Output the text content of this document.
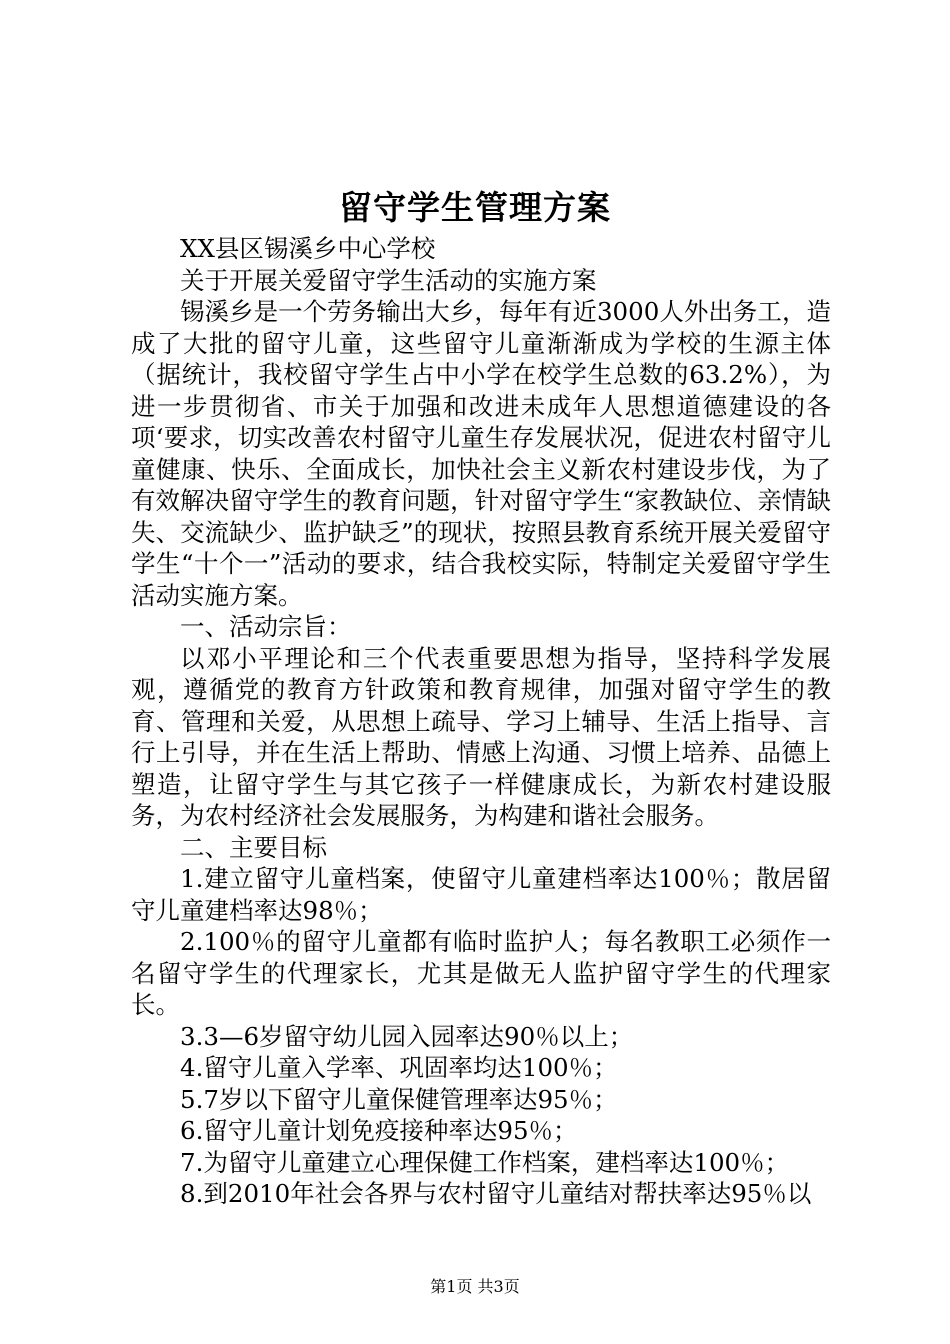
留守学生管理方案

XX县区锡溪乡中心学校

关于开展关爱留守学生活动的实施方案

锡溪乡是一个劳务输出大乡，每年有近3000人外出务工，造成了大批的留守儿童，这些留守儿童渐渐成为学校的生源主体（据统计，我校留守学生占中小学在校学生总数的63.2%），为进一步贯彻省、市关于加强和改进未成年人思想道德建设的各项‘要求，切实改善农村留守儿童生存发展状况，促进农村留守儿童健康、快乐、全面成长，加快社会主义新农村建设步伐，为了有效解决留守学生的教育问题，针对留守学生“家教缺位、亲情缺失、交流缺少、监护缺乏”的现状，按照县教育系统开展关爱留守学生“十个一”活动的要求，结合我校实际，特制定关爱留守学生活动实施方案。

一、活动宗旨：

以邓小平理论和三个代表重要思想为指导，坚持科学发展观，遵循党的教育方针政策和教育规律，加强对留守学生的教育、管理和关爱，从思想上疏导、学习上辅导、生活上指导、言行上引导，并在生活上帮助、情感上沟通、习惯上培养、品德上塑造，让留守学生与其它孩子一样健康成长，为新农村建设服务，为农村经济社会发展服务，为构建和谐社会服务。

二、主要目标

1.建立留守儿童档案，使留守儿童建档率达100％；散居留守儿童建档率达98％；

2.100％的留守儿童都有临时监护人；每名教职工必须作一名留守学生的代理家长，尤其是做无人监护留守学生的代理家长。

3.3—6岁留守幼儿园入园率达90％以上；

4.留守儿童入学率、巩固率均达100％；

5.7岁以下留守儿童保健管理率达95％；

6.留守儿童计划免疫接种率达95％；

7.为留守儿童建立心理保健工作档案，建档率达100％；

8.到2010年社会各界与农村留守儿童结对帮扶率达95％以

第1页 共3页
